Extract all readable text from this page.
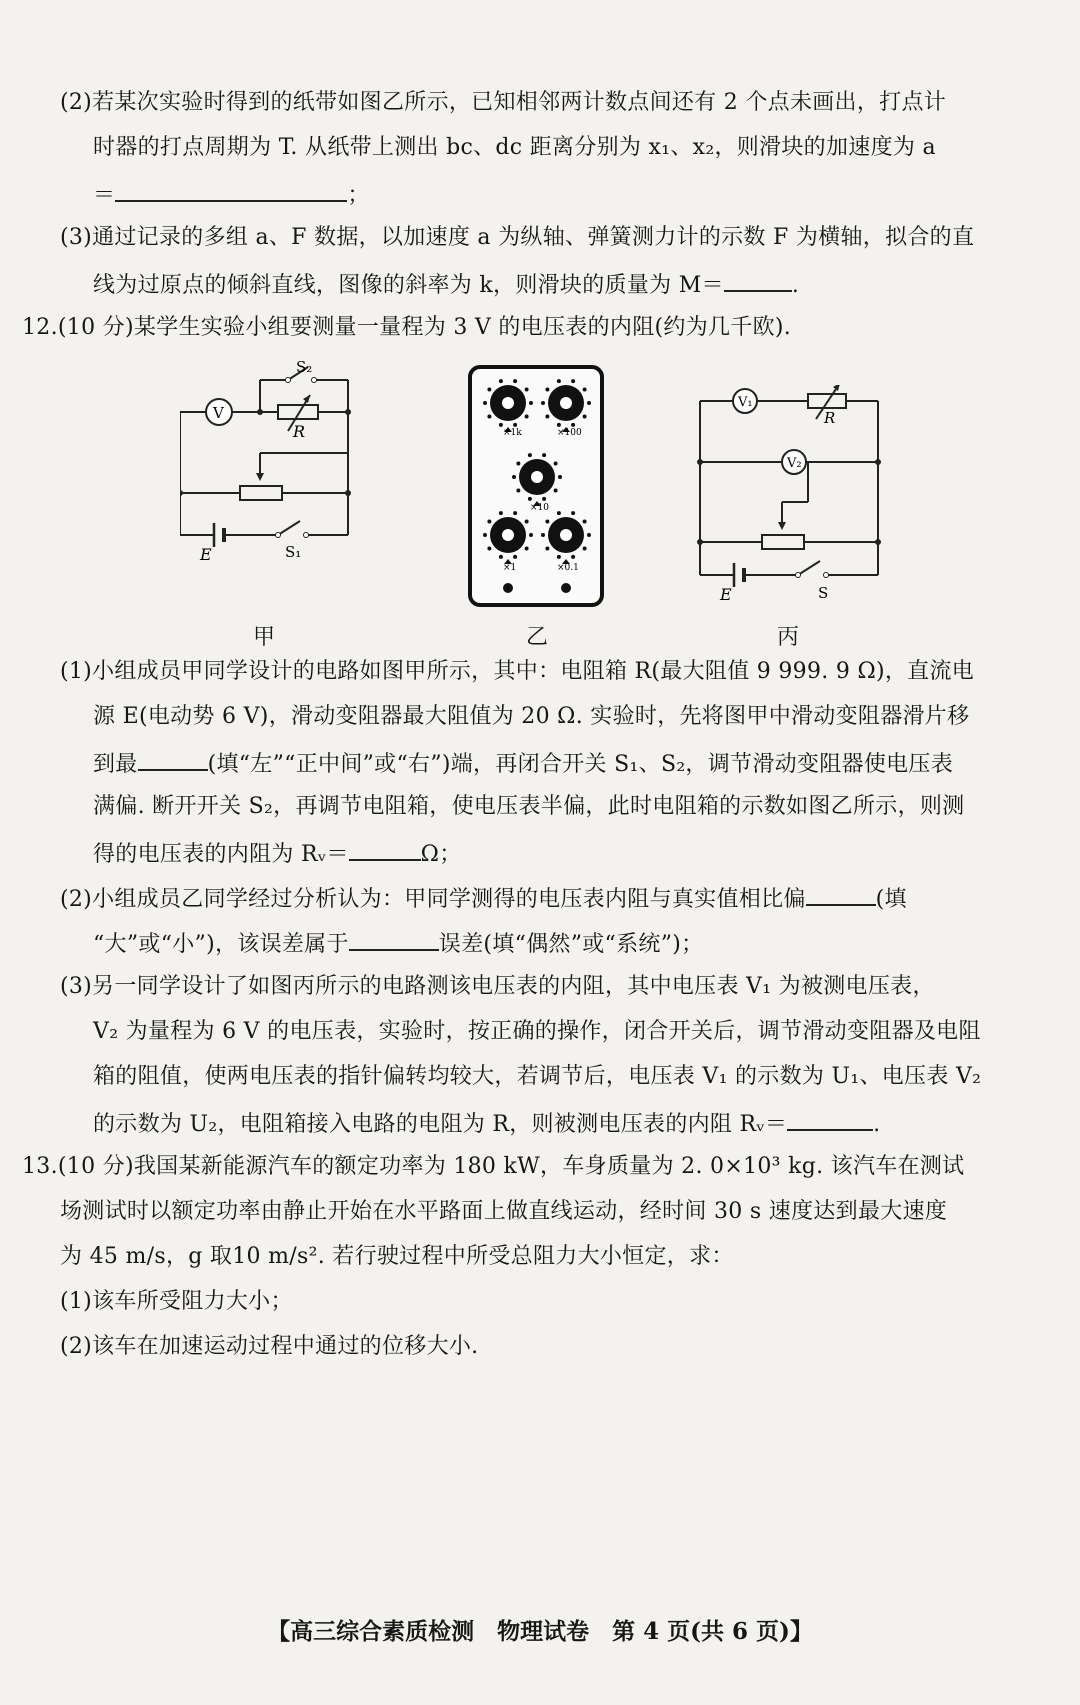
(2)若某次实验时得到的纸带如图乙所示，已知相邻两计数点间还有 2 个点未画出，打点计
时器的打点周期为 T. 从纸带上测出 bc、dc 距离分别为 x₁、x₂，则滑块的加速度为 a
＝	；
(3)通过记录的多组 a、F 数据，以加速度 a 为纵轴、弹簧测力计的示数 F 为横轴，拟合的直
线为过原点的倾斜直线，图像的斜率为 k，则滑块的质量为 M＝	.
12.(10 分)某学生实验小组要测量一量程为 3 V 的电压表的内阻(约为几千欧).
V
S₂
R
E	S₁
甲
×1k	×100
×10
×1	×0.1
乙
V₁
V₂
R
E	S
丙
(1)小组成员甲同学设计的电路如图甲所示，其中：电阻箱 R(最大阻值 9 999. 9 Ω)，直流电
源 E(电动势 6 V)，滑动变阻器最大阻值为 20 Ω. 实验时，先将图甲中滑动变阻器滑片移
到最	(填“左”“正中间”或“右”)端，再闭合开关 S₁、S₂，调节滑动变阻器使电压表
满偏. 断开开关 S₂，再调节电阻箱，使电压表半偏，此时电阻箱的示数如图乙所示，则测
得的电压表的内阻为 Rᵥ＝	Ω；
(2)小组成员乙同学经过分析认为：甲同学测得的电压表内阻与真实值相比偏	(填
“大”或“小”)，该误差属于	误差(填“偶然”或“系统”)；
(3)另一同学设计了如图丙所示的电路测该电压表的内阻，其中电压表 V₁ 为被测电压表，
V₂ 为量程为 6 V 的电压表，实验时，按正确的操作，闭合开关后，调节滑动变阻器及电阻
箱的阻值，使两电压表的指针偏转均较大，若调节后，电压表 V₁ 的示数为 U₁、电压表 V₂
的示数为 U₂，电阻箱接入电路的电阻为 R，则被测电压表的内阻 Rᵥ＝	.
13.(10 分)我国某新能源汽车的额定功率为 180 kW，车身质量为 2. 0×10³ kg. 该汽车在测试
场测试时以额定功率由静止开始在水平路面上做直线运动，经时间 30 s 速度达到最大速度
为 45 m/s，g 取10 m/s². 若行驶过程中所受总阻力大小恒定，求：
(1)该车所受阻力大小；
(2)该车在加速运动过程中通过的位移大小.
【高三综合素质检测　物理试卷　第 4 页(共 6 页)】
